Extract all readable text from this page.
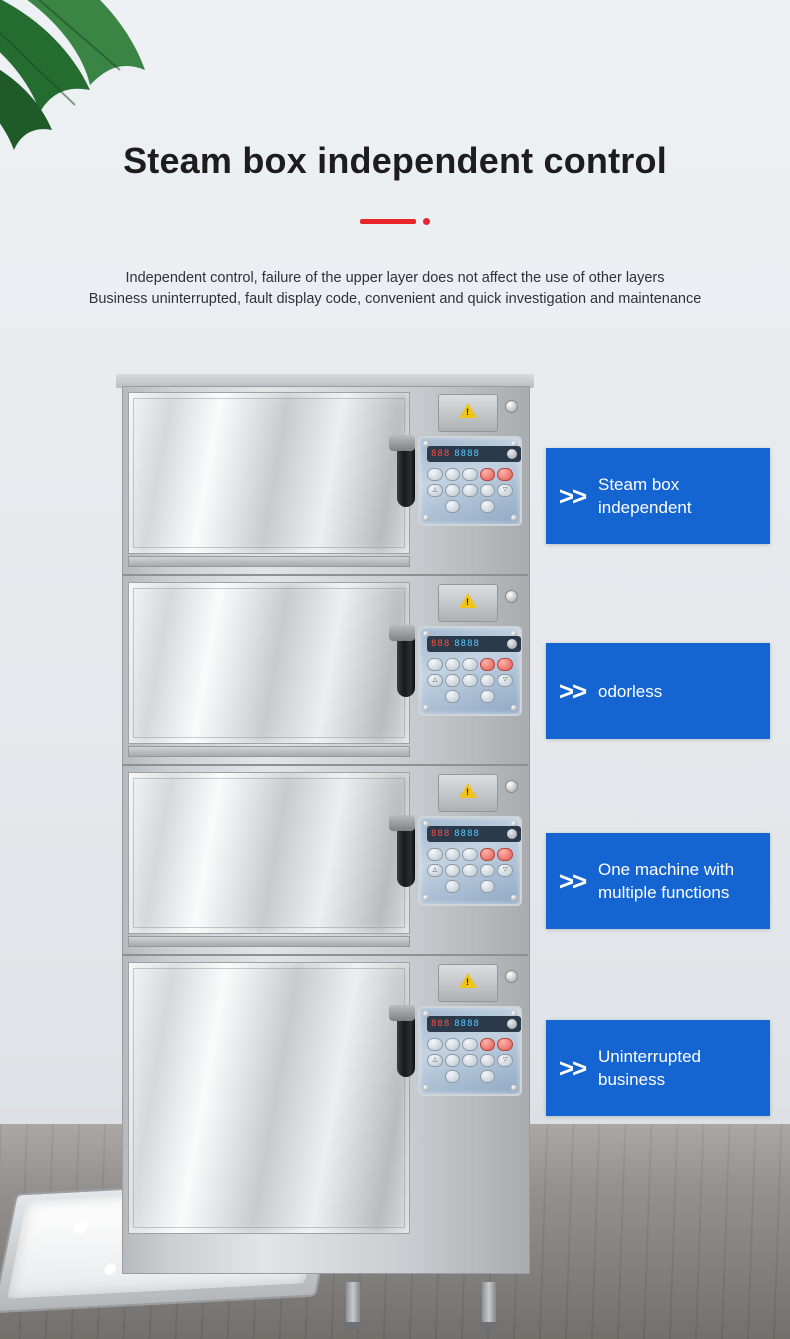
Steam box independent control
Independent control, failure of the upper layer does not affect the use of other layers
Business uninterrupted, fault display code, convenient and quick investigation and maintenance
!
888 8888
△	▽
!
888 8888
△	▽
!
888 8888
△	▽
!
888 8888
△	▽
>> Steam box independent
>> odorless
>> One machine with multiple functions
>> Uninterrupted business
